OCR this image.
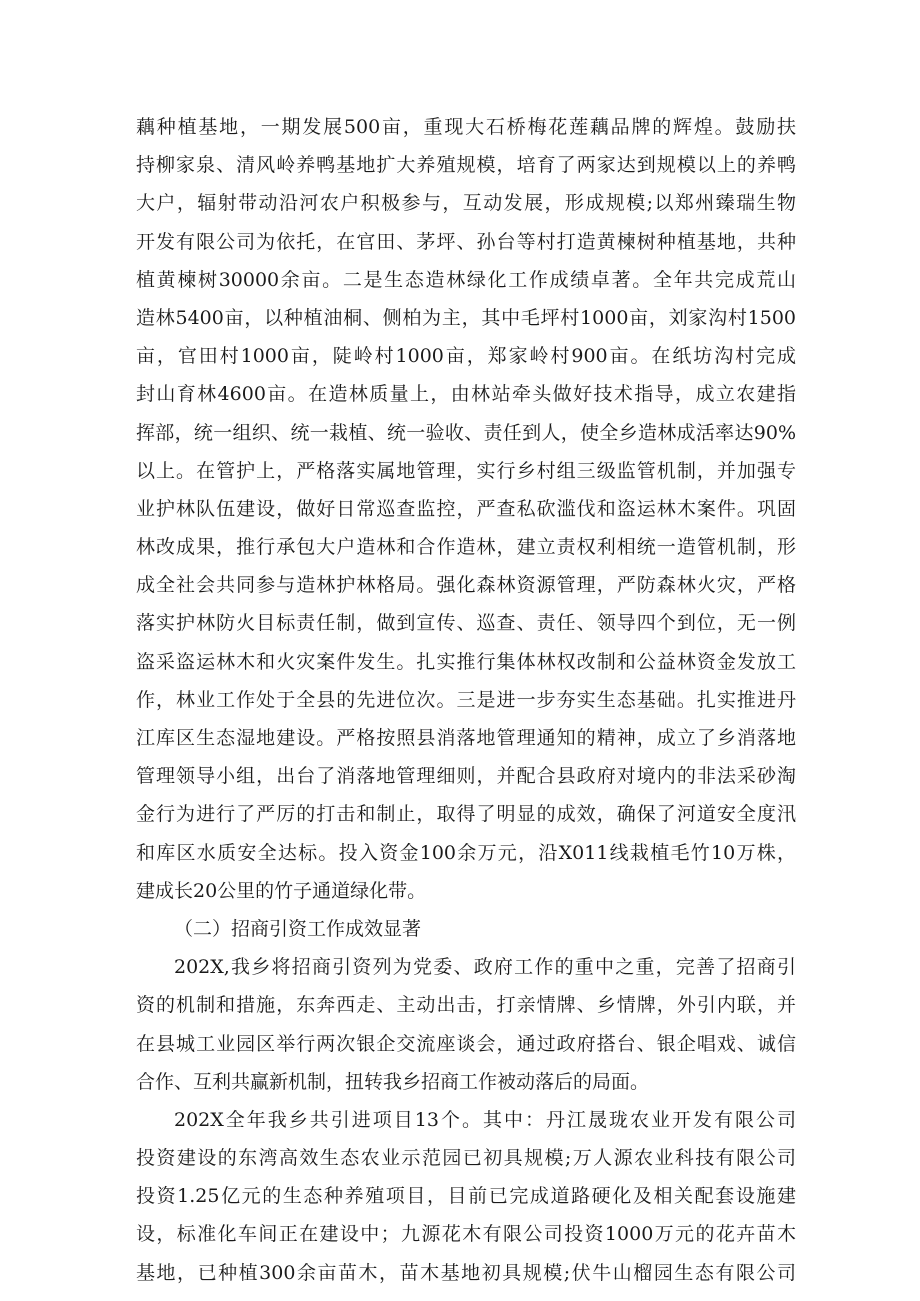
藕种植基地，一期发展500亩，重现大石桥梅花莲藕品牌的辉煌。鼓励扶
持柳家泉、清风岭养鸭基地扩大养殖规模，培育了两家达到规模以上的养鸭
大户，辐射带动沿河农户积极参与，互动发展，形成规模;以郑州臻瑞生物
开发有限公司为依托，在官田、茅坪、孙台等村打造黄楝树种植基地，共种
植黄楝树30000余亩。二是生态造林绿化工作成绩卓著。全年共完成荒山
造林5400亩，以种植油桐、侧柏为主，其中毛坪村1000亩，刘家沟村1500
亩，官田村1000亩，陡岭村1000亩，郑家岭村900亩。在纸坊沟村完成
封山育林4600亩。在造林质量上，由林站牵头做好技术指导，成立农建指
挥部，统一组织、统一栽植、统一验收、责任到人，使全乡造林成活率达90%
以上。在管护上，严格落实属地管理，实行乡村组三级监管机制，并加强专
业护林队伍建设，做好日常巡查监控，严查私砍滥伐和盗运林木案件。巩固
林改成果，推行承包大户造林和合作造林，建立责权利相统一造管机制，形
成全社会共同参与造林护林格局。强化森林资源管理，严防森林火灾，严格
落实护林防火目标责任制，做到宣传、巡查、责任、领导四个到位，无一例
盗采盗运林木和火灾案件发生。扎实推行集体林权改制和公益林资金发放工
作，林业工作处于全县的先进位次。三是进一步夯实生态基础。扎实推进丹
江库区生态湿地建设。严格按照县消落地管理通知的精神，成立了乡消落地
管理领导小组，出台了消落地管理细则，并配合县政府对境内的非法采砂淘
金行为进行了严厉的打击和制止，取得了明显的成效，确保了河道安全度汛
和库区水质安全达标。投入资金100余万元，沿X011线栽植毛竹10万株，
建成长20公里的竹子通道绿化带。
（二）招商引资工作成效显著
202X,我乡将招商引资列为党委、政府工作的重中之重，完善了招商引
资的机制和措施，东奔西走、主动出击，打亲情牌、乡情牌，外引内联，并
在县城工业园区举行两次银企交流座谈会，通过政府搭台、银企唱戏、诚信
合作、互利共赢新机制，扭转我乡招商工作被动落后的局面。
202X全年我乡共引进项目13个。其中：丹江晟珑农业开发有限公司
投资建设的东湾高效生态农业示范园已初具规模;万人源农业科技有限公司
投资1.25亿元的生态种养殖项目，目前已完成道路硬化及相关配套设施建
设，标准化车间正在建设中；九源花木有限公司投资1000万元的花卉苗木
基地，已种植300余亩苗木，苗木基地初具规模;伏牛山榴园生态有限公司
